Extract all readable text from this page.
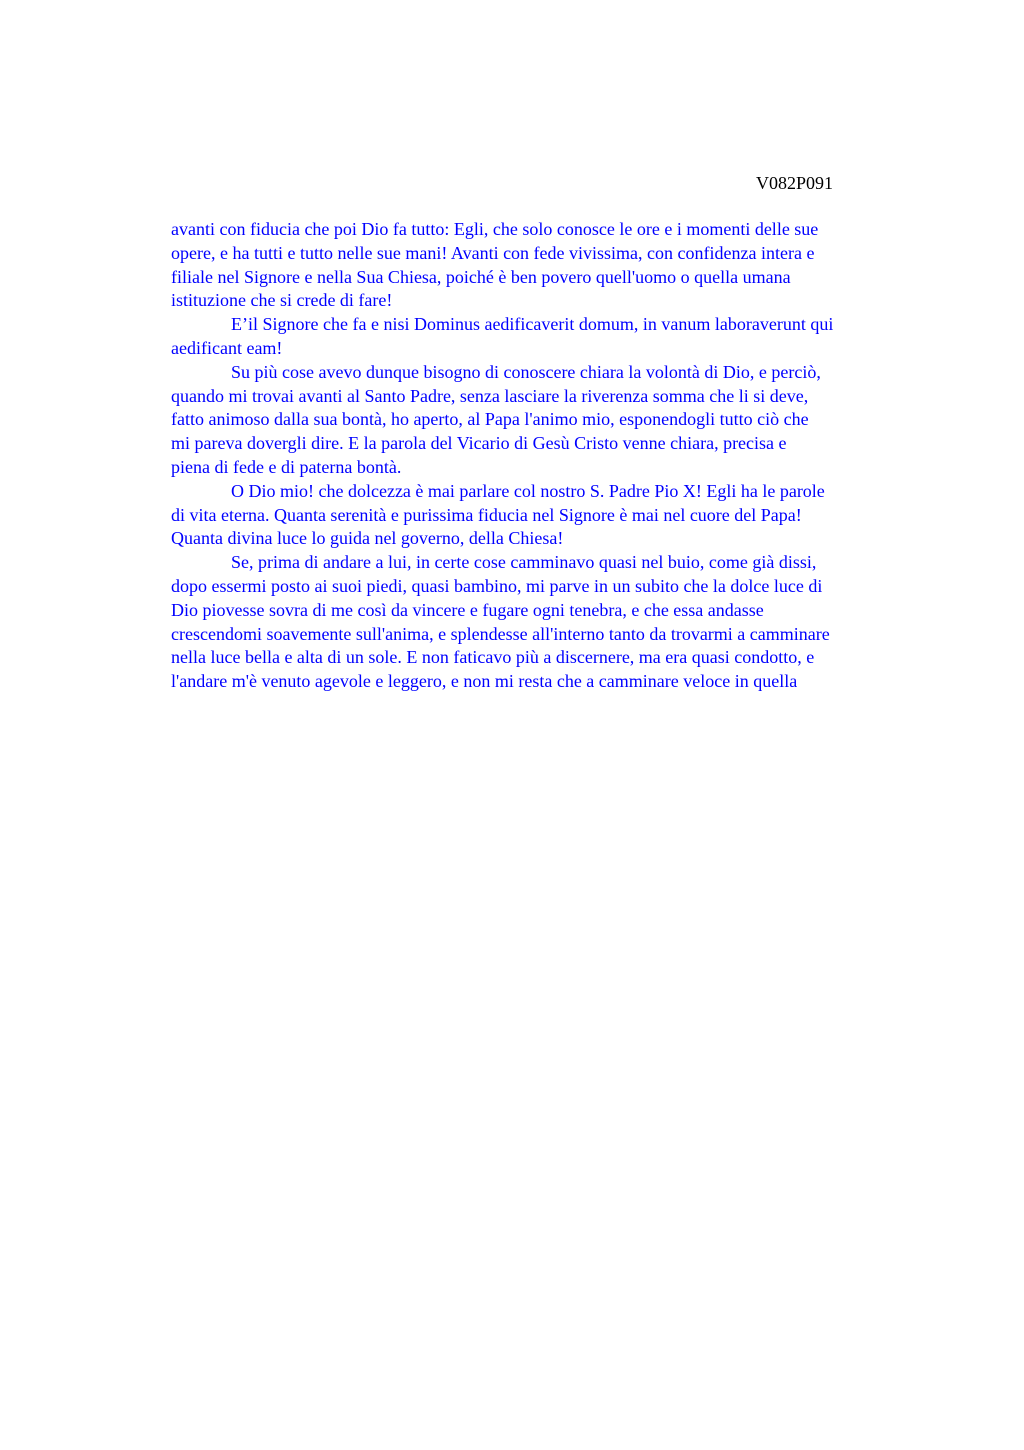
V082P091
avanti con fiducia che poi Dio fa tutto: Egli, che solo conosce le ore e i momenti delle sue
opere, e ha tutti e tutto nelle sue mani! Avanti con fede vivissima, con confidenza intera e
filiale nel Signore e nella Sua Chiesa, poiché è ben povero quell'uomo o quella umana
istituzione che si crede di fare!
E’il Signore che fa e nisi Dominus aedificaverit domum, in vanum laboraverunt qui
aedificant eam!
Su più cose avevo dunque bisogno di conoscere chiara la volontà di Dio, e perciò,
quando mi trovai avanti al Santo Padre, senza lasciare la riverenza somma che li si deve,
fatto animoso dalla sua bontà, ho aperto, al Papa l'animo mio, esponendogli tutto ciò che
mi pareva dovergli dire. E la parola del Vicario di Gesù Cristo venne chiara, precisa e
piena di fede e di paterna bontà.
O Dio mio! che dolcezza è mai parlare col nostro S. Padre Pio X! Egli ha le parole
di vita eterna. Quanta serenità e purissima fiducia nel Signore è mai nel cuore del Papa!
Quanta divina luce lo guida nel governo, della Chiesa!
Se, prima di andare a lui, in certe cose camminavo quasi nel buio, come già dissi,
dopo essermi posto ai suoi piedi, quasi bambino, mi parve in un subito che la dolce luce di
Dio piovesse sovra di me così da vincere e fugare ogni tenebra, e che essa andasse
crescendomi soavemente sull'anima, e splendesse all'interno tanto da trovarmi a camminare
nella luce bella e alta di un sole. E non faticavo più a discernere, ma era quasi condotto, e
l'andare m'è venuto agevole e leggero, e non mi resta che a camminare veloce in quella
